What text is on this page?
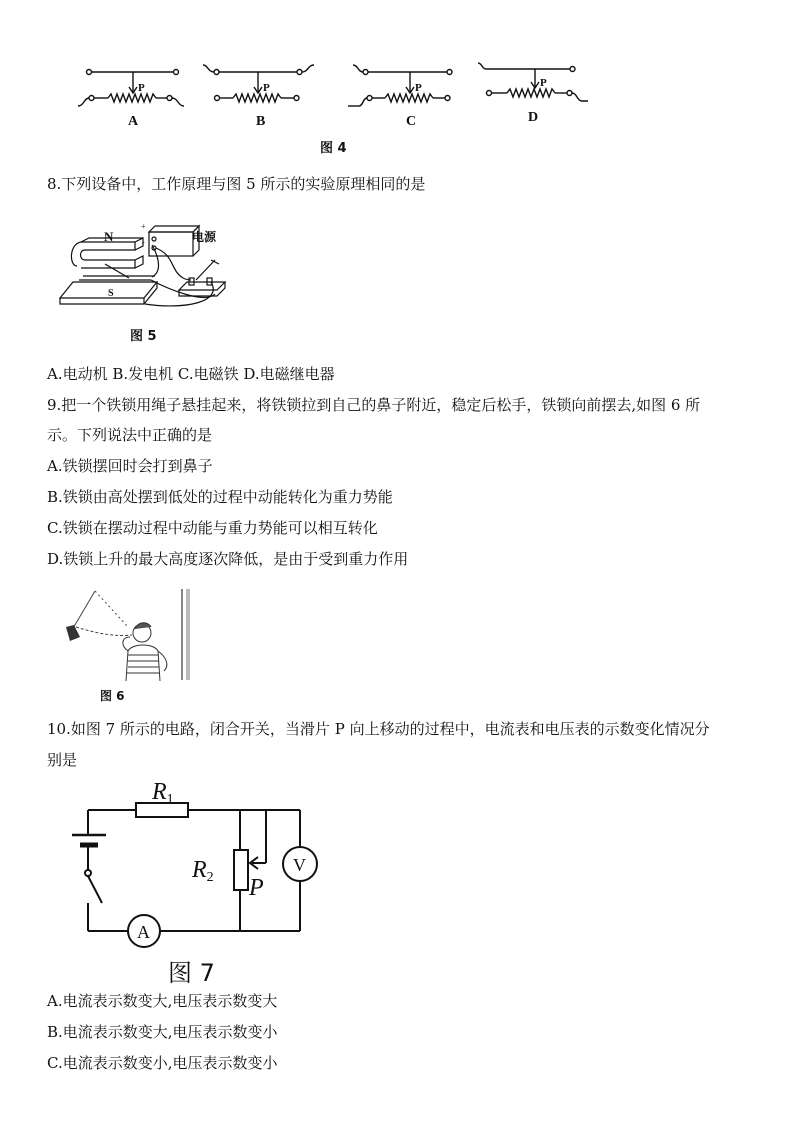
P
A
P
B
P
C
P
D
图 4
8.下列设备中，工作原理与图 5 所示的实验原理相同的是
+
-
N
S
电源
图 5
A.电动机 B.发电机 C.电磁铁 D.电磁继电器
9.把一个铁锁用绳子悬挂起来，将铁锁拉到自己的鼻子附近，稳定后松手，铁锁向前摆去,如图 6 所
示。下列说法中正确的是
A.铁锁摆回时会打到鼻子
B.铁锁由高处摆到低处的过程中动能转化为重力势能
C.铁锁在摆动过程中动能与重力势能可以相互转化
D.铁锁上升的最大高度逐次降低，是由于受到重力作用
图 6
10.如图 7 所示的电路，闭合开关，当滑片 P 向上移动的过程中，电流表和电压表的示数变化情况分
别是
R1
R2 P
V
A
图 7
A.电流表示数变大,电压表示数变大
B.电流表示数变大,电压表示数变小
C.电流表示数变小,电压表示数变小
